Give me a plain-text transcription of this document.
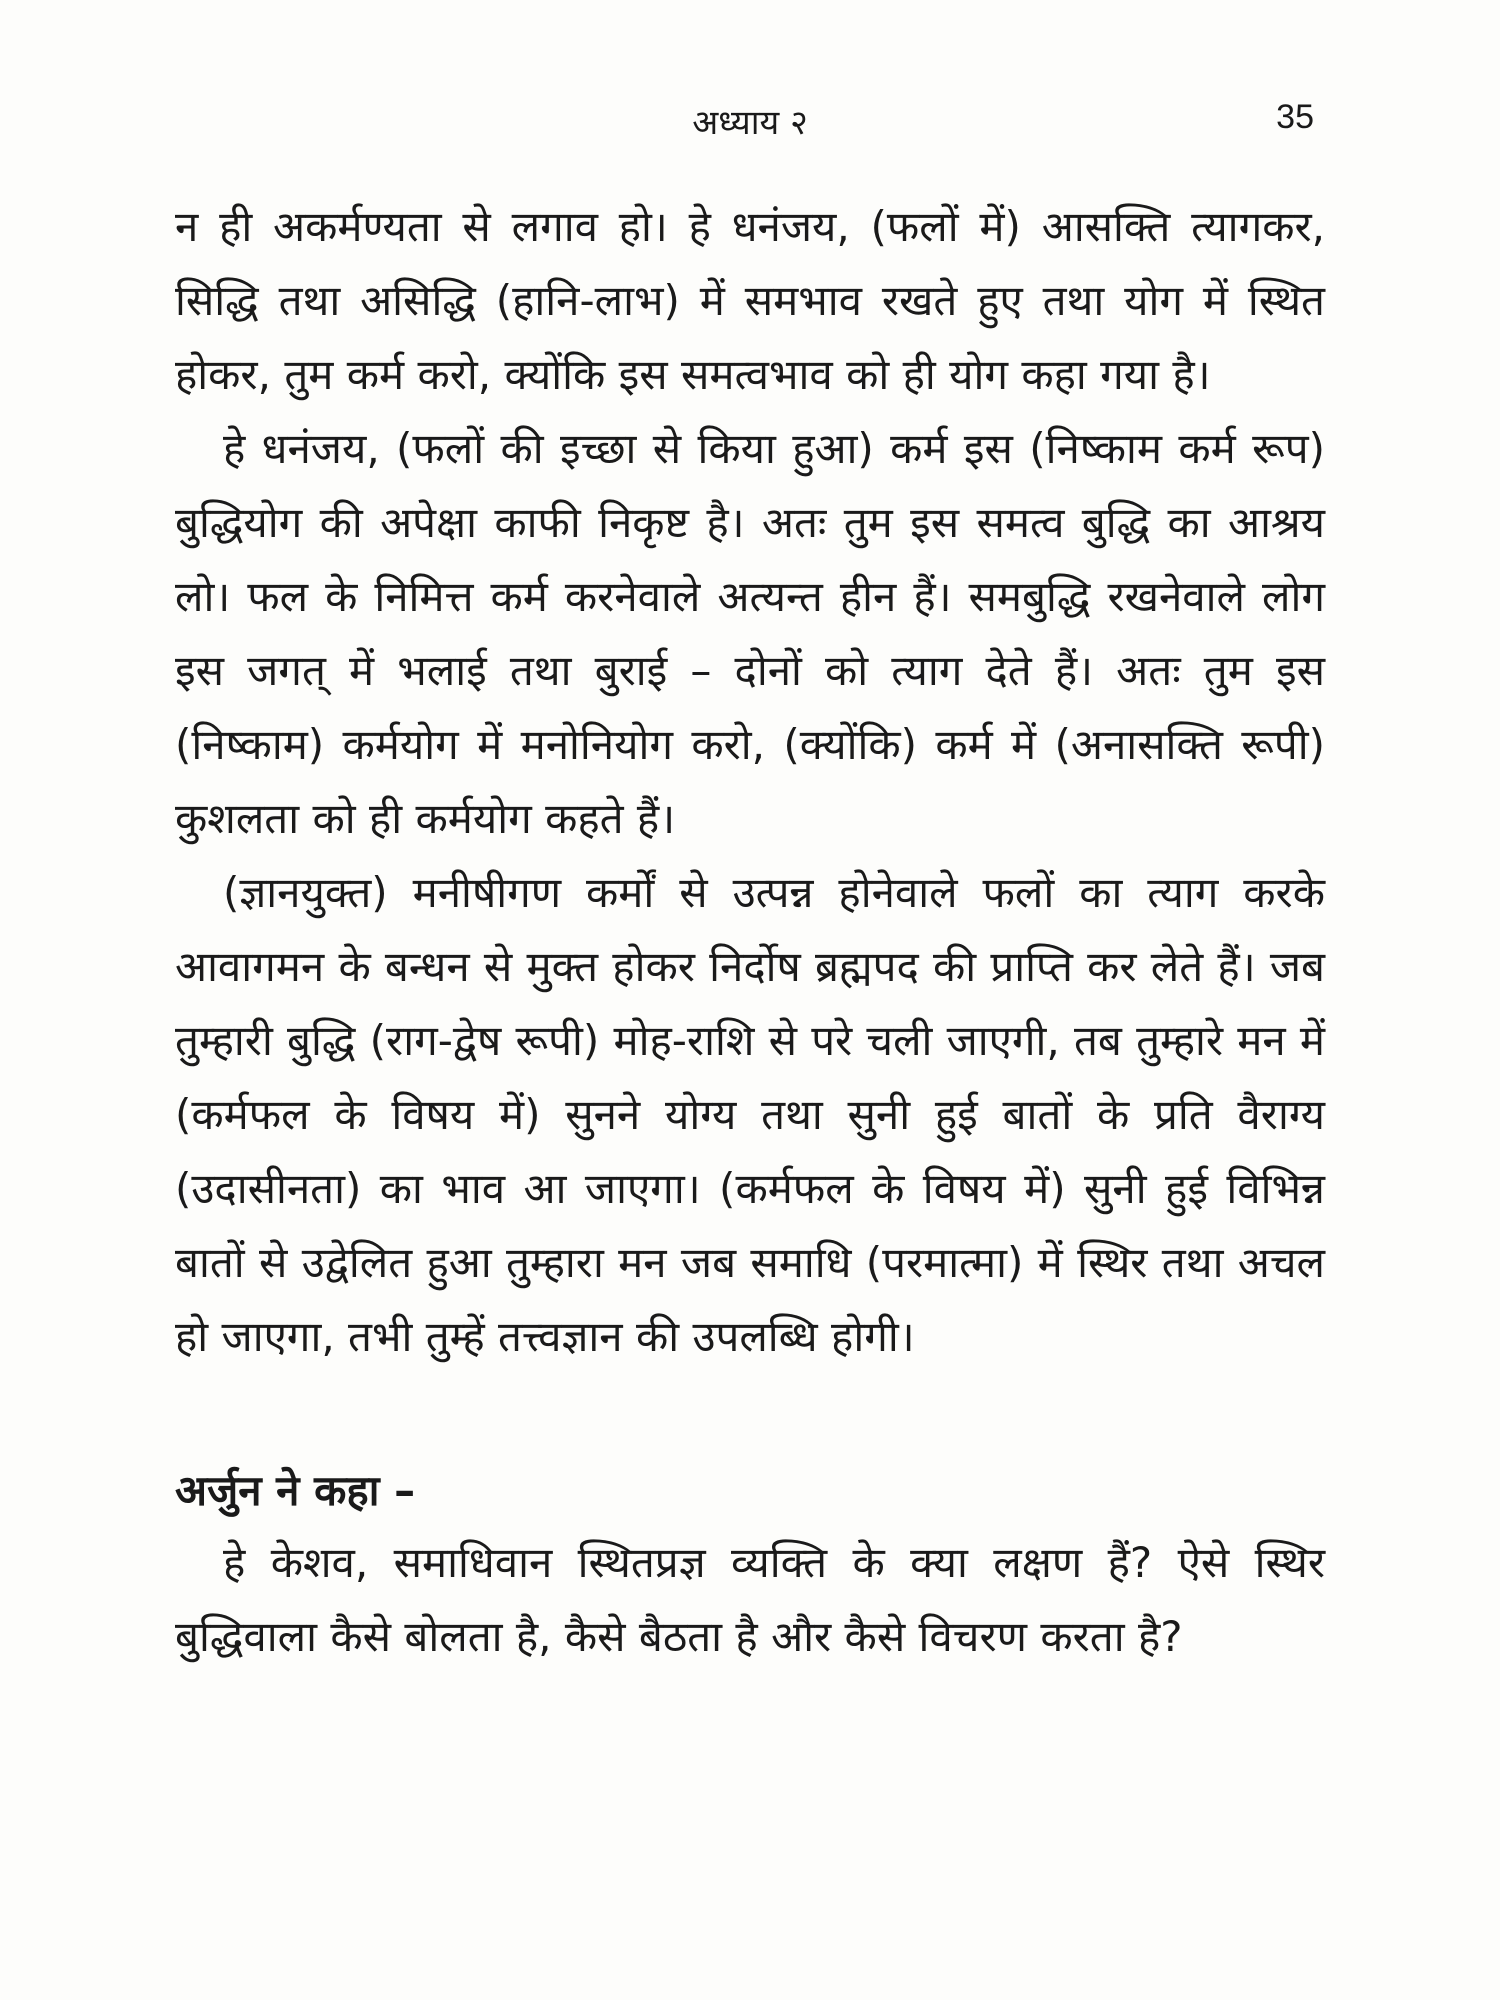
अध्याय २	35

न ही अकर्मण्यता से लगाव हो। हे धनंजय, (फलों में) आसक्ति त्यागकर, सिद्धि तथा असिद्धि (हानि-लाभ) में समभाव रखते हुए तथा योग में स्थित होकर, तुम कर्म करो, क्योंकि इस समत्वभाव को ही योग कहा गया है।

हे धनंजय, (फलों की इच्छा से किया हुआ) कर्म इस (निष्काम कर्म रूप) बुद्धियोग की अपेक्षा काफी निकृष्ट है। अतः तुम इस समत्व बुद्धि का आश्रय लो। फल के निमित्त कर्म करनेवाले अत्यन्त हीन हैं। समबुद्धि रखनेवाले लोग इस जगत् में भलाई तथा बुराई – दोनों को त्याग देते हैं। अतः तुम इस (निष्काम) कर्मयोग में मनोनियोग करो, (क्योंकि) कर्म में (अनासक्ति रूपी) कुशलता को ही कर्मयोग कहते हैं।

(ज्ञानयुक्त) मनीषीगण कर्मों से उत्पन्न होनेवाले फलों का त्याग करके आवागमन के बन्धन से मुक्त होकर निर्दोष ब्रह्मपद की प्राप्ति कर लेते हैं। जब तुम्हारी बुद्धि (राग-द्वेष रूपी) मोह-राशि से परे चली जाएगी, तब तुम्हारे मन में (कर्मफल के विषय में) सुनने योग्य तथा सुनी हुई बातों के प्रति वैराग्य (उदासीनता) का भाव आ जाएगा। (कर्मफल के विषय में) सुनी हुई विभिन्न बातों से उद्वेलित हुआ तुम्हारा मन जब समाधि (परमात्मा) में स्थिर तथा अचल हो जाएगा, तभी तुम्हें तत्त्वज्ञान की उपलब्धि होगी।

अर्जुन ने कहा –

हे केशव, समाधिवान स्थितप्रज्ञ व्यक्ति के क्या लक्षण हैं? ऐसे स्थिर बुद्धिवाला कैसे बोलता है, कैसे बैठता है और कैसे विचरण करता है?
